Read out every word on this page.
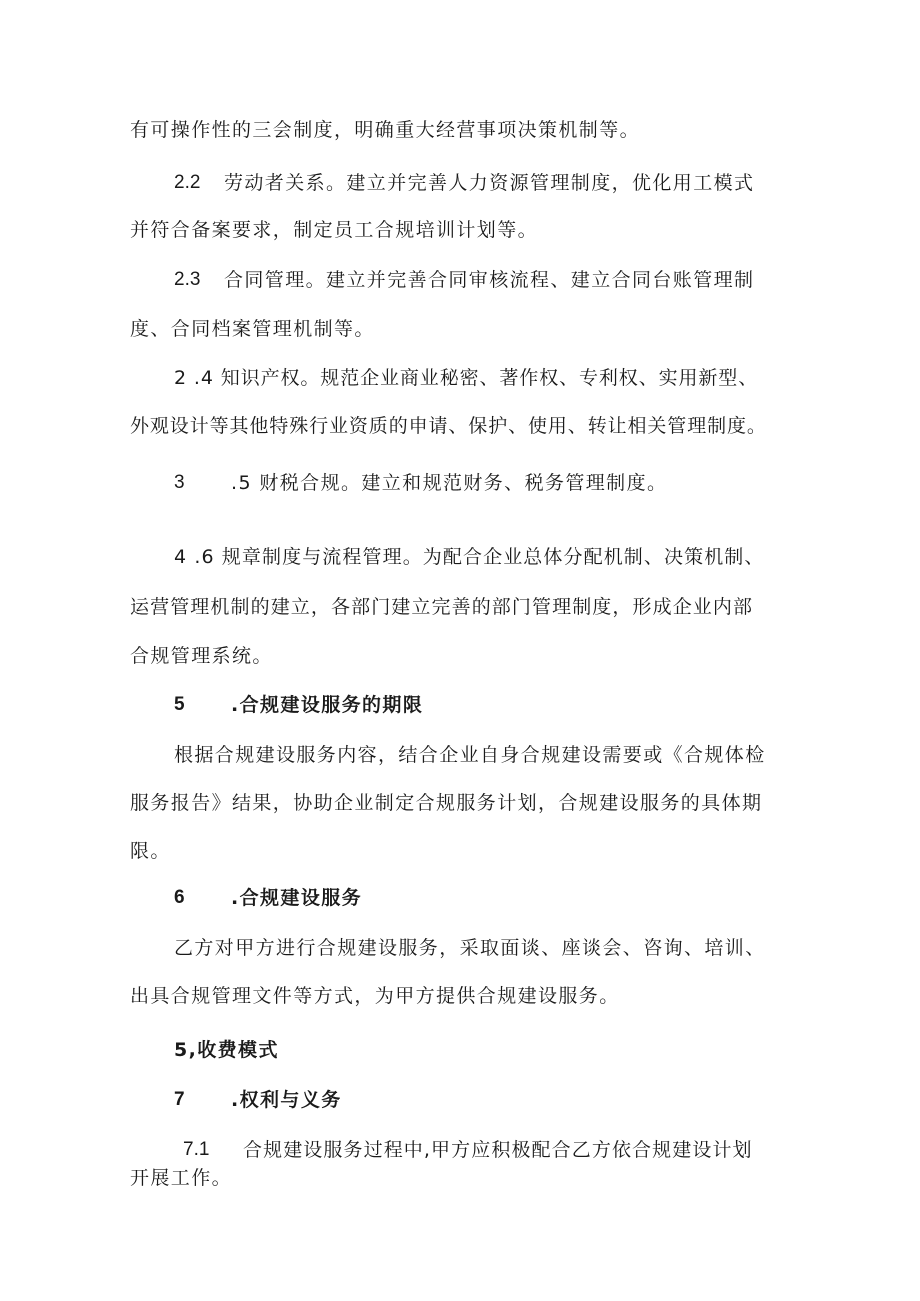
有可操作性的三会制度，明确重大经营事项决策机制等。
2.2 劳动者关系。建立并完善人力资源管理制度，优化用工模式
并符合备案要求，制定员工合规培训计划等。
2.3 合同管理。建立并完善合同审核流程、建立合同台账管理制
度、合同档案管理机制等。
2 .4 知识产权。规范企业商业秘密、著作权、专利权、实用新型、
外观设计等其他特殊行业资质的申请、保护、使用、转让相关管理制度。
3 .5 财税合规。建立和规范财务、税务管理制度。
4 .6 规章制度与流程管理。为配合企业总体分配机制、决策机制、
运营管理机制的建立，各部门建立完善的部门管理制度，形成企业内部
合规管理系统。
5 .合规建设服务的期限
根据合规建设服务内容，结合企业自身合规建设需要或《合规体检
服务报告》结果，协助企业制定合规服务计划，合规建设服务的具体期
限。
6 .合规建设服务
乙方对甲方进行合规建设服务，采取面谈、座谈会、咨询、培训、
出具合规管理文件等方式，为甲方提供合规建设服务。
5,收费模式
7 .权利与义务
7.1 合规建设服务过程中,甲方应积极配合乙方依合规建设计划
开展工作。
